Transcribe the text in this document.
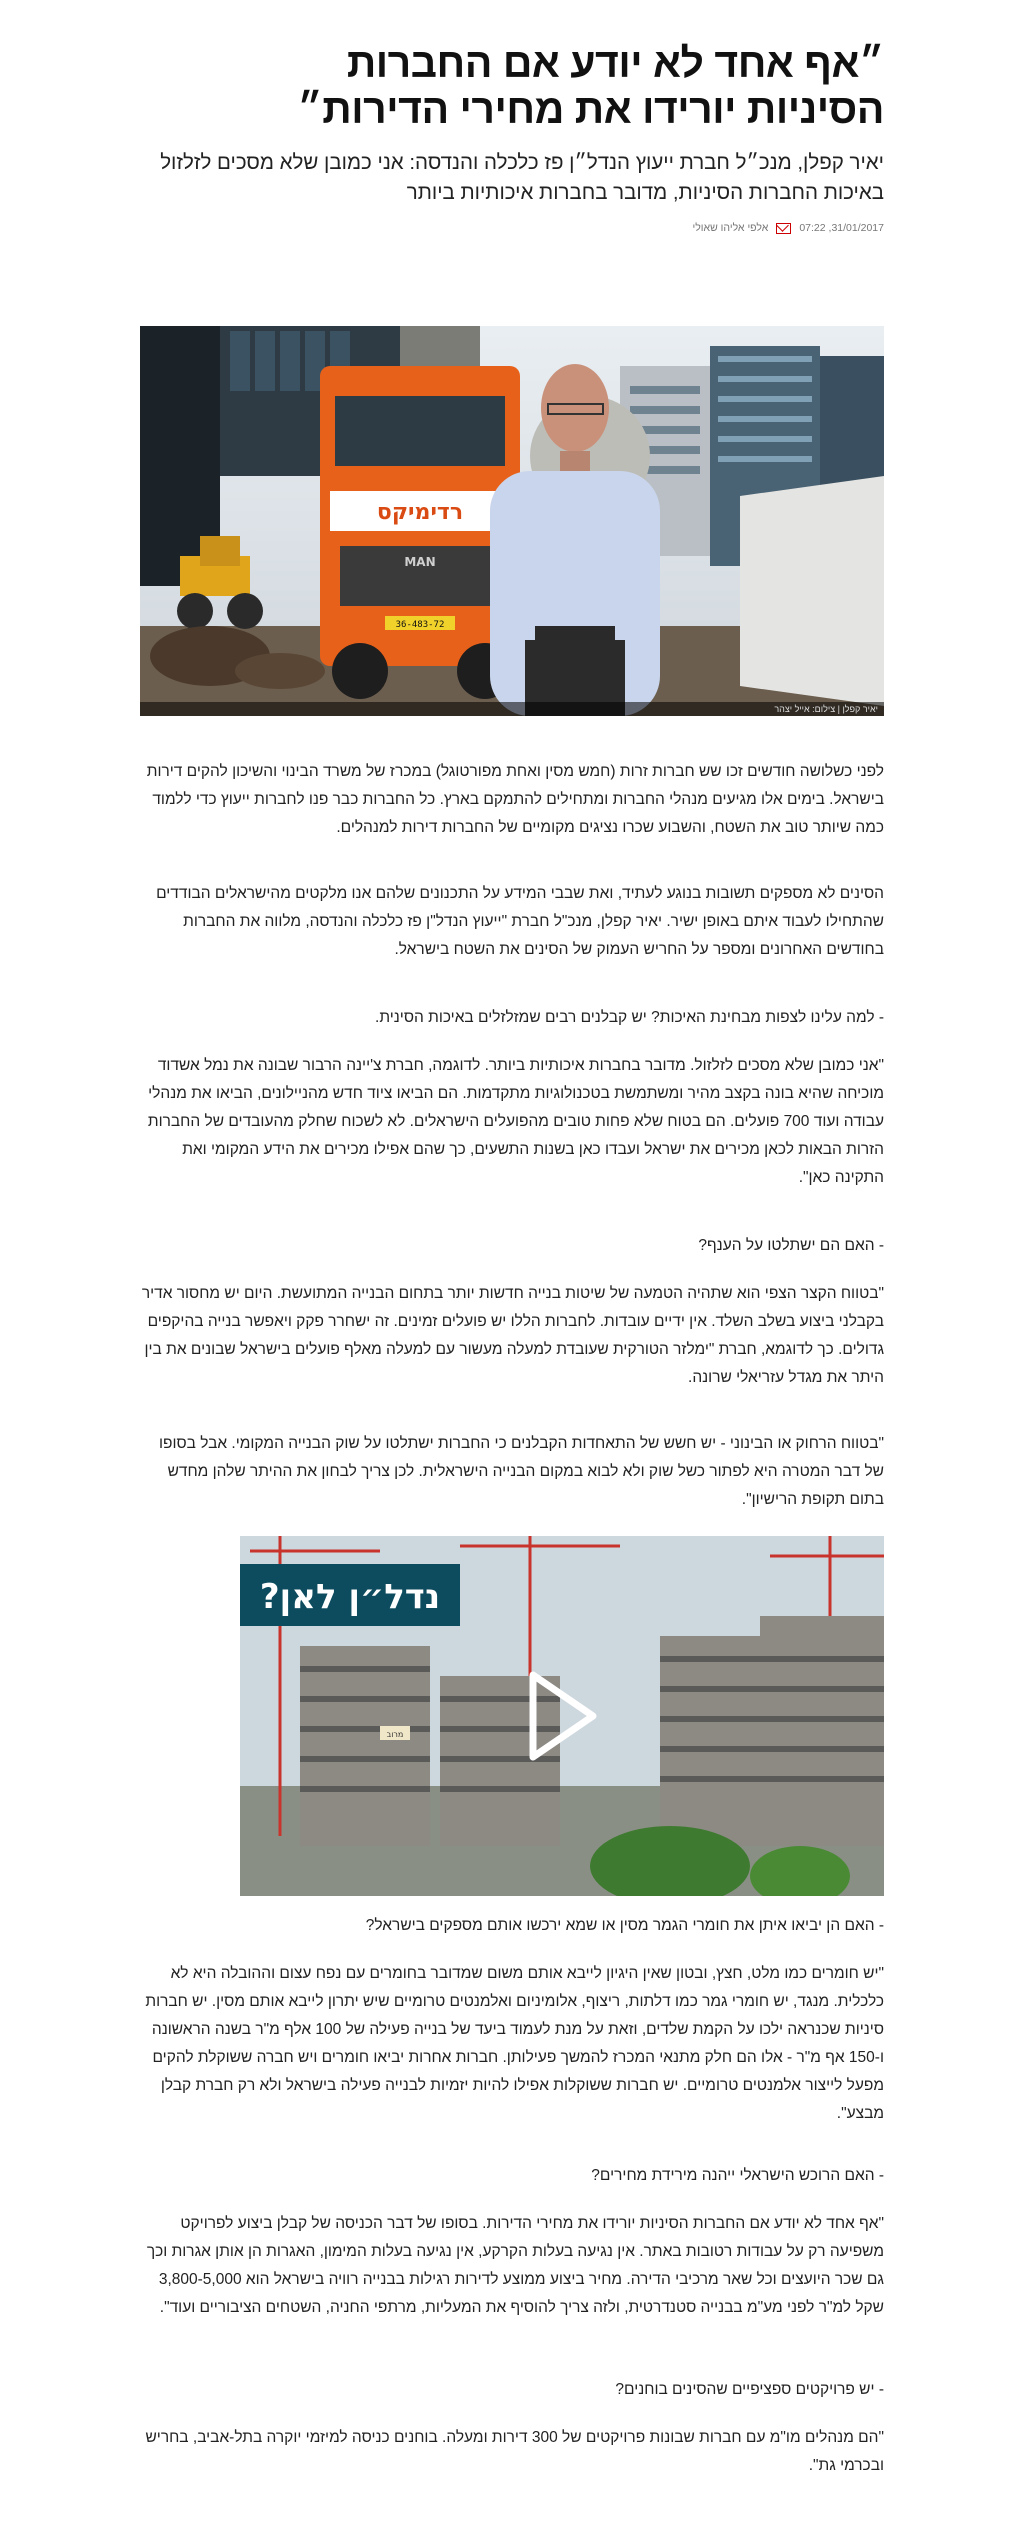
״אף אחד לא יודע אם החברות
הסיניות יורידו את מחירי הדירות״

יאיר קפלן, מנכ״ל חברת ייעוץ הנדל״ן פז כלכלה והנדסה: אני כמובן שלא מסכים לזלזול באיכות החברות הסיניות, מדובר בחברות איכותיות ביותר

31/01/2017, 07:22
אלפי אליהו שאולי
רדימיקס
MAN
36-483-72
יאיר קפלן | צילום: אייל יצהר

לפני כשלושה חודשים זכו שש חברות זרות (חמש מסין ואחת מפורטוגל) במכרז של משרד הבינוי והשיכון להקים דירות בישראל. בימים אלו מגיעים מנהלי החברות ומתחילים להתמקם בארץ. כל החברות כבר פנו לחברות ייעוץ כדי ללמוד כמה שיותר טוב את השטח, והשבוע שכרו נציגים מקומיים של החברות דירות למנהלים.

הסינים לא מספקים תשובות בנוגע לעתיד, ואת שבבי המידע על התכנונים שלהם אנו מלקטים מהישראלים הבודדים שהתחילו לעבוד איתם באופן ישיר. יאיר קפלן, מנכ"ל חברת "ייעוץ הנדל"ן פז כלכלה והנדסה, מלווה את החברות בחודשים האחרונים ומספר על החריש העמוק של הסינים את השטח בישראל.

- למה עלינו לצפות מבחינת האיכות? יש קבלנים רבים שמזלזלים באיכות הסינית.

"אני כמובן שלא מסכים לזלזול. מדובר בחברות איכותיות ביותר. לדוגמה, חברת צ'יינה הרבור שבונה את נמל אשדוד מוכיחה שהיא בונה בקצב מהיר ומשתמשת בטכנולוגיות מתקדמות. הם הביאו ציוד חדש מהניילונים, הביאו את מנהלי עבודה ועוד 700 פועלים. הם בטוח שלא פחות טובים מהפועלים הישראלים. לא לשכוח שחלק מהעובדים של החברות הזרות הבאות לכאן מכירים את ישראל ועבדו כאן בשנות התשעים, כך שהם אפילו מכירים את הידע המקומי ואת התקינה כאן".

- האם הם ישתלטו על הענף?

"בטווח הקצר הצפי הוא שתהיה הטמעה של שיטות בנייה חדשות יותר בתחום הבנייה המתועשת. היום יש מחסור אדיר בקבלני ביצוע בשלב השלד. אין ידיים עובדות. לחברות הללו יש פועלים זמינים. זה ישחרר פקק ויאפשר בנייה בהיקפים גדולים. כך לדוגמא, חברת "ימלזר הטורקית שעובדת למעלה מעשור עם למעלה מאלף פועלים בישראל שבונים את בין היתר את מגדל עזריאלי שרונה.

"בטווח הרחוק או הבינוני - יש חשש של התאחדות הקבלנים כי החברות ישתלטו על שוק הבנייה המקומי. אבל בסופו של דבר המטרה היא לפתור כשל שוק ולא לבוא במקום הבנייה הישראלית. לכן צריך לבחון את ההיתר שלהן מחדש בתום תקופת הרישיון".

מרוב
נדל״ן לאן?

- האם הן יביאו איתן את חומרי הגמר מסין או שמא ירכשו אותם מספקים בישראל?

"יש חומרים כמו מלט, חצץ, ובטון שאין היגיון לייבא אותם משום שמדובר בחומרים עם נפח עצום וההובלה היא לא כלכלית. מנגד, יש חומרי גמר כמו דלתות, ריצוף, אלומיניום ואלמנטים טרומיים שיש יתרון לייבא אותם מסין. יש חברות סיניות שכנראה ילכו על הקמת שלדים, וזאת על מנת לעמוד ביעד של בנייה פעילה של 100 אלף מ"ר בשנה הראשונה ו-150 אף מ"ר - אלו הם חלק מתנאי המכרז להמשך פעילותן. חברות אחרות יביאו חומרים ויש חברה ששוקלת להקים מפעל לייצור אלמנטים טרומיים. יש חברות ששוקלות אפילו להיות יזמיות לבנייה פעילה בישראל ולא רק חברת קבלן מבצע".

- האם הרוכש הישראלי ייהנה מירידת מחירים?

"אף אחד לא יודע אם החברות הסיניות יורידו את מחירי הדירות. בסופו של דבר הכניסה של קבלן ביצוע לפרויקט משפיעה רק על עבודות רטובות באתר. אין נגיעה בעלות הקרקע, אין נגיעה בעלות המימון, האגרות הן אותן אגרות וכך גם שכר היועצים וכל שאר מרכיבי הדירה. מחיר ביצוע ממוצע לדירות רגילות בבנייה רוויה בישראל הוא 3,800-5,000 שקל למ"ר לפני מע"מ בבנייה סטנדרטית, ולזה צריך להוסיף את המעליות, מרתפי החניה, השטחים הציבוריים ועוד".

- יש פרויקטים ספציפיים שהסינים בוחנים?

"הם מנהלים מו"מ עם חברות שבונות פרויקטים של 300 דירות ומעלה. בוחנים כניסה למיזמי יוקרה בתל-אביב, בחריש ובכרמי גת".
